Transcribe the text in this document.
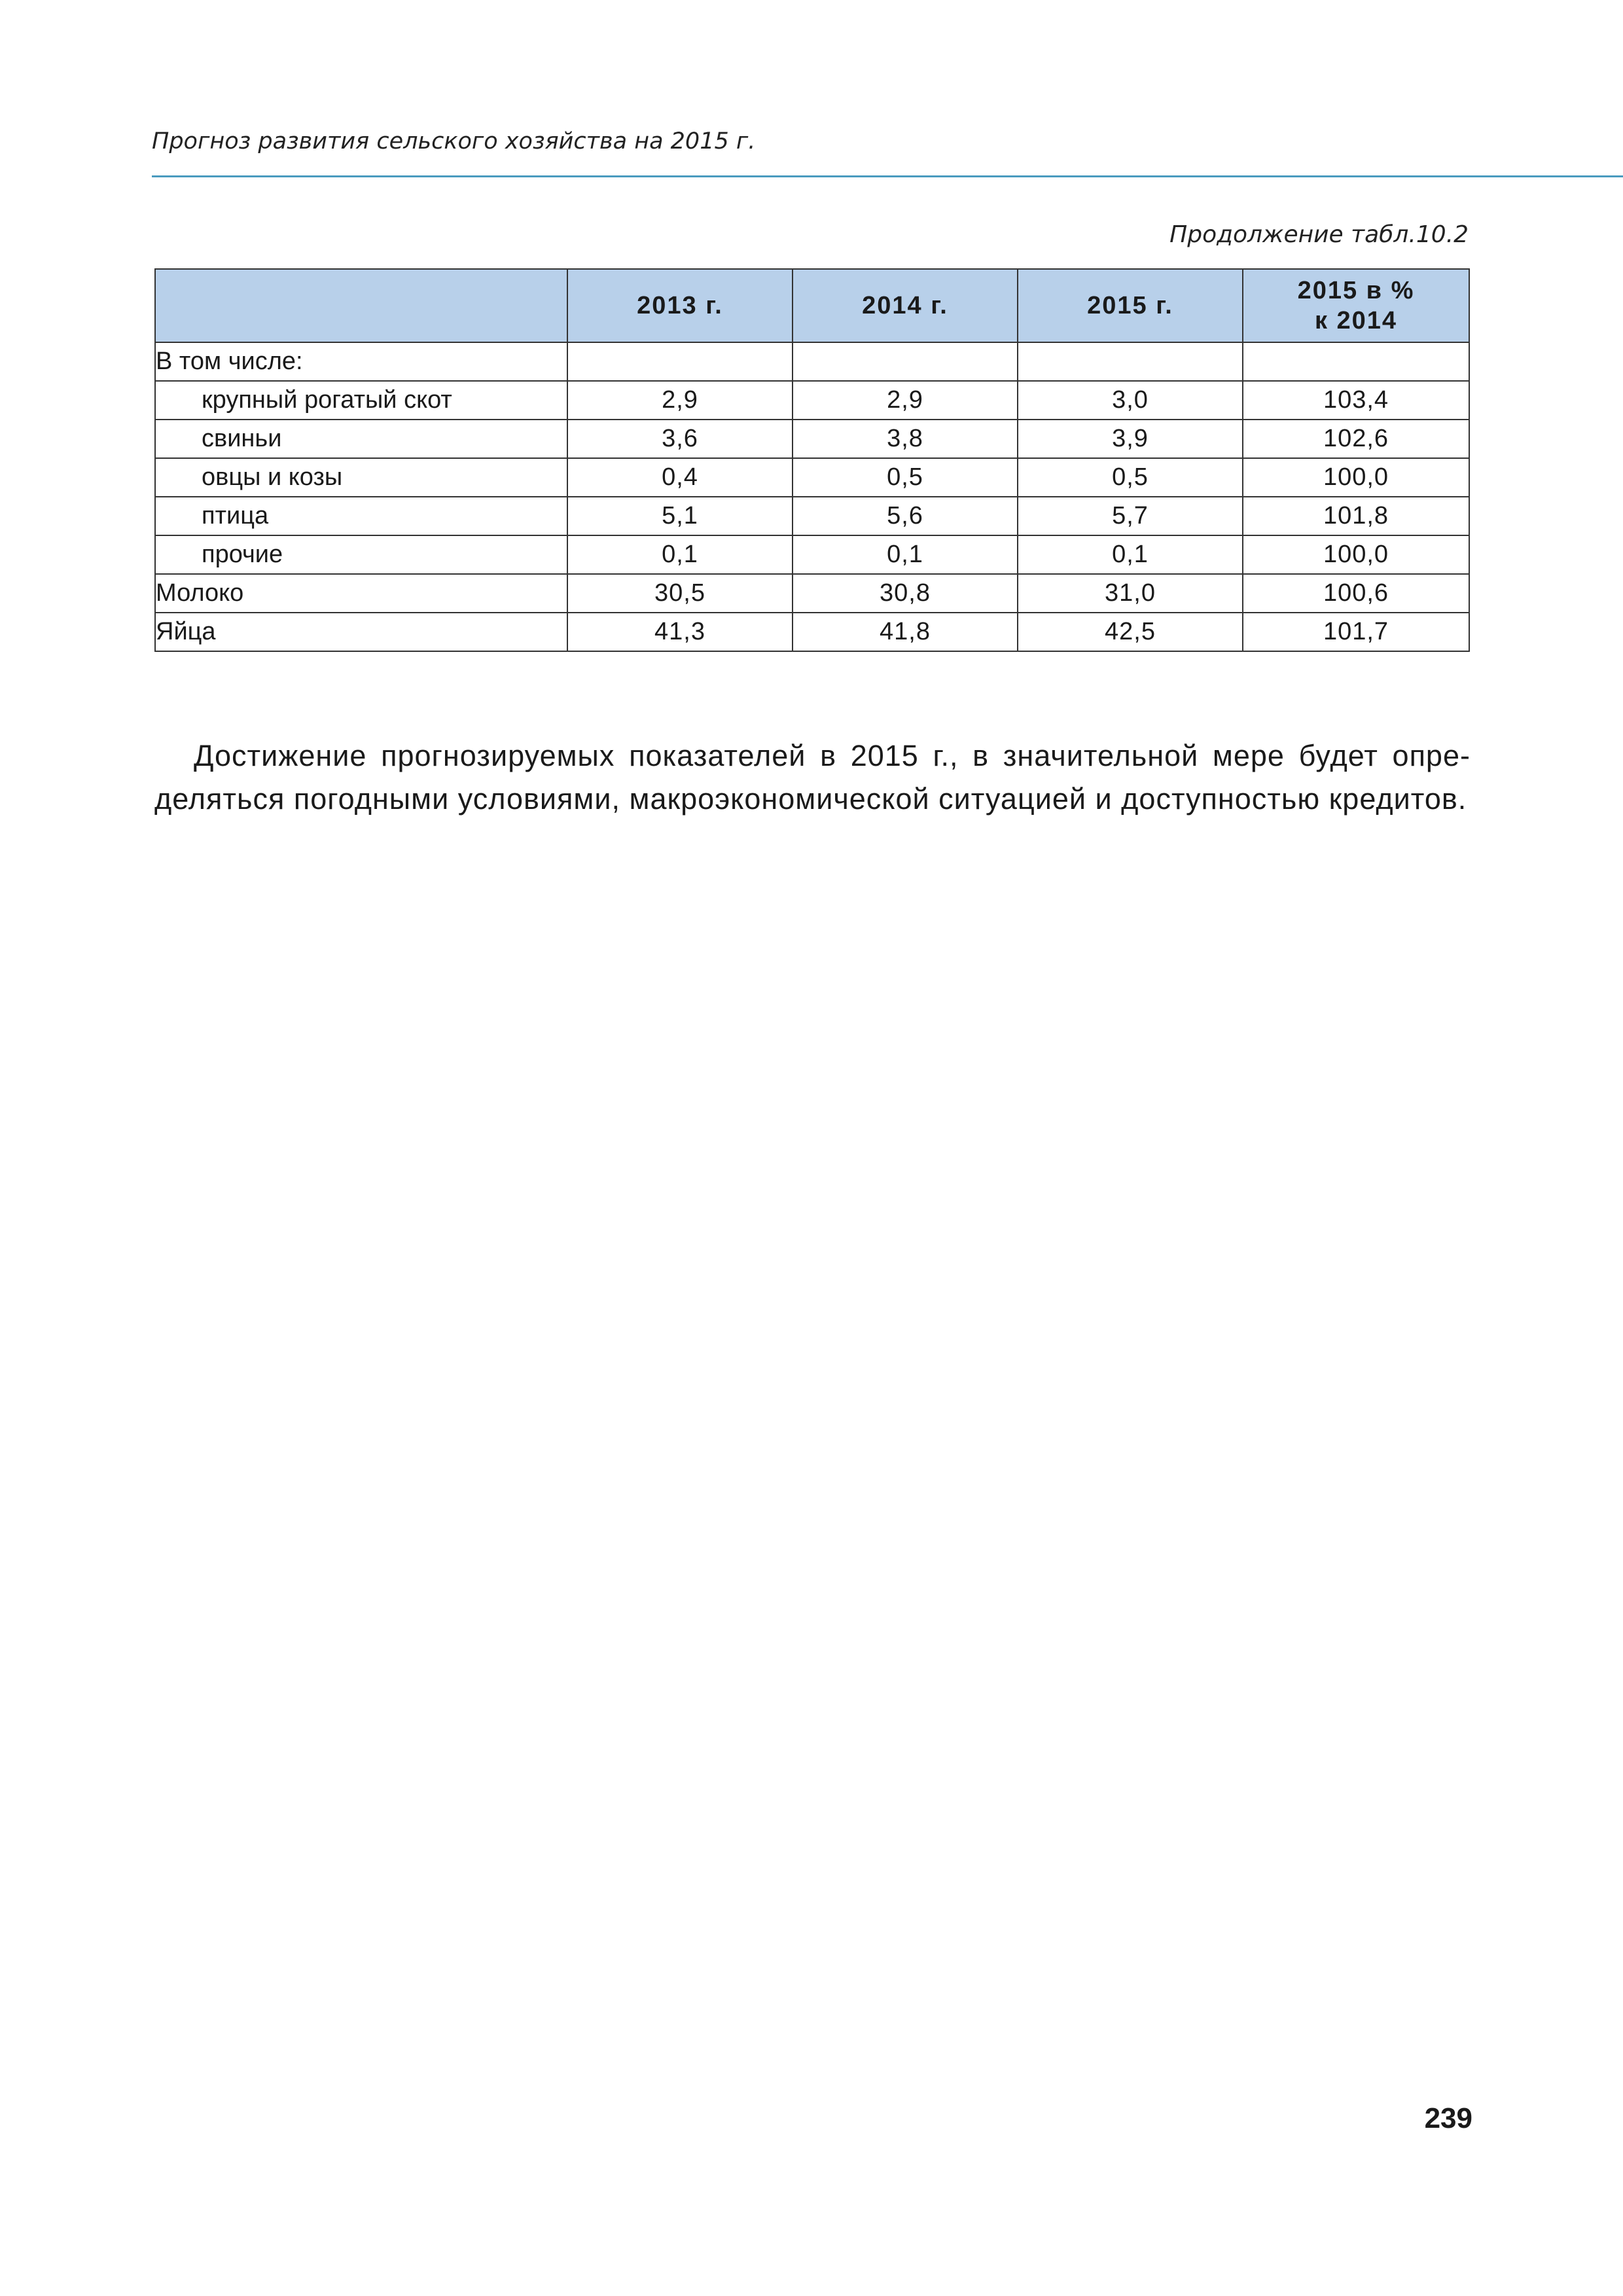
Прогноз развития сельского хозяйства на 2015 г.
Продолжение табл.10.2
	2013 г.	2014 г.	2015 г.	2015 в %
к 2014
В том числе:				
крупный рогатый скот	2,9	2,9	3,0	103,4
свиньи	3,6	3,8	3,9	102,6
овцы и козы	0,4	0,5	0,5	100,0
птица	5,1	5,6	5,7	101,8
прочие	0,1	0,1	0,1	100,0
Молоко	30,5	30,8	31,0	100,6
Яйца	41,3	41,8	42,5	101,7

Достижение прогнозируемых показателей в 2015 г., в значительной мере будет определяться погодными условиями, макроэкономической ситуацией и доступностью кредитов.

239
